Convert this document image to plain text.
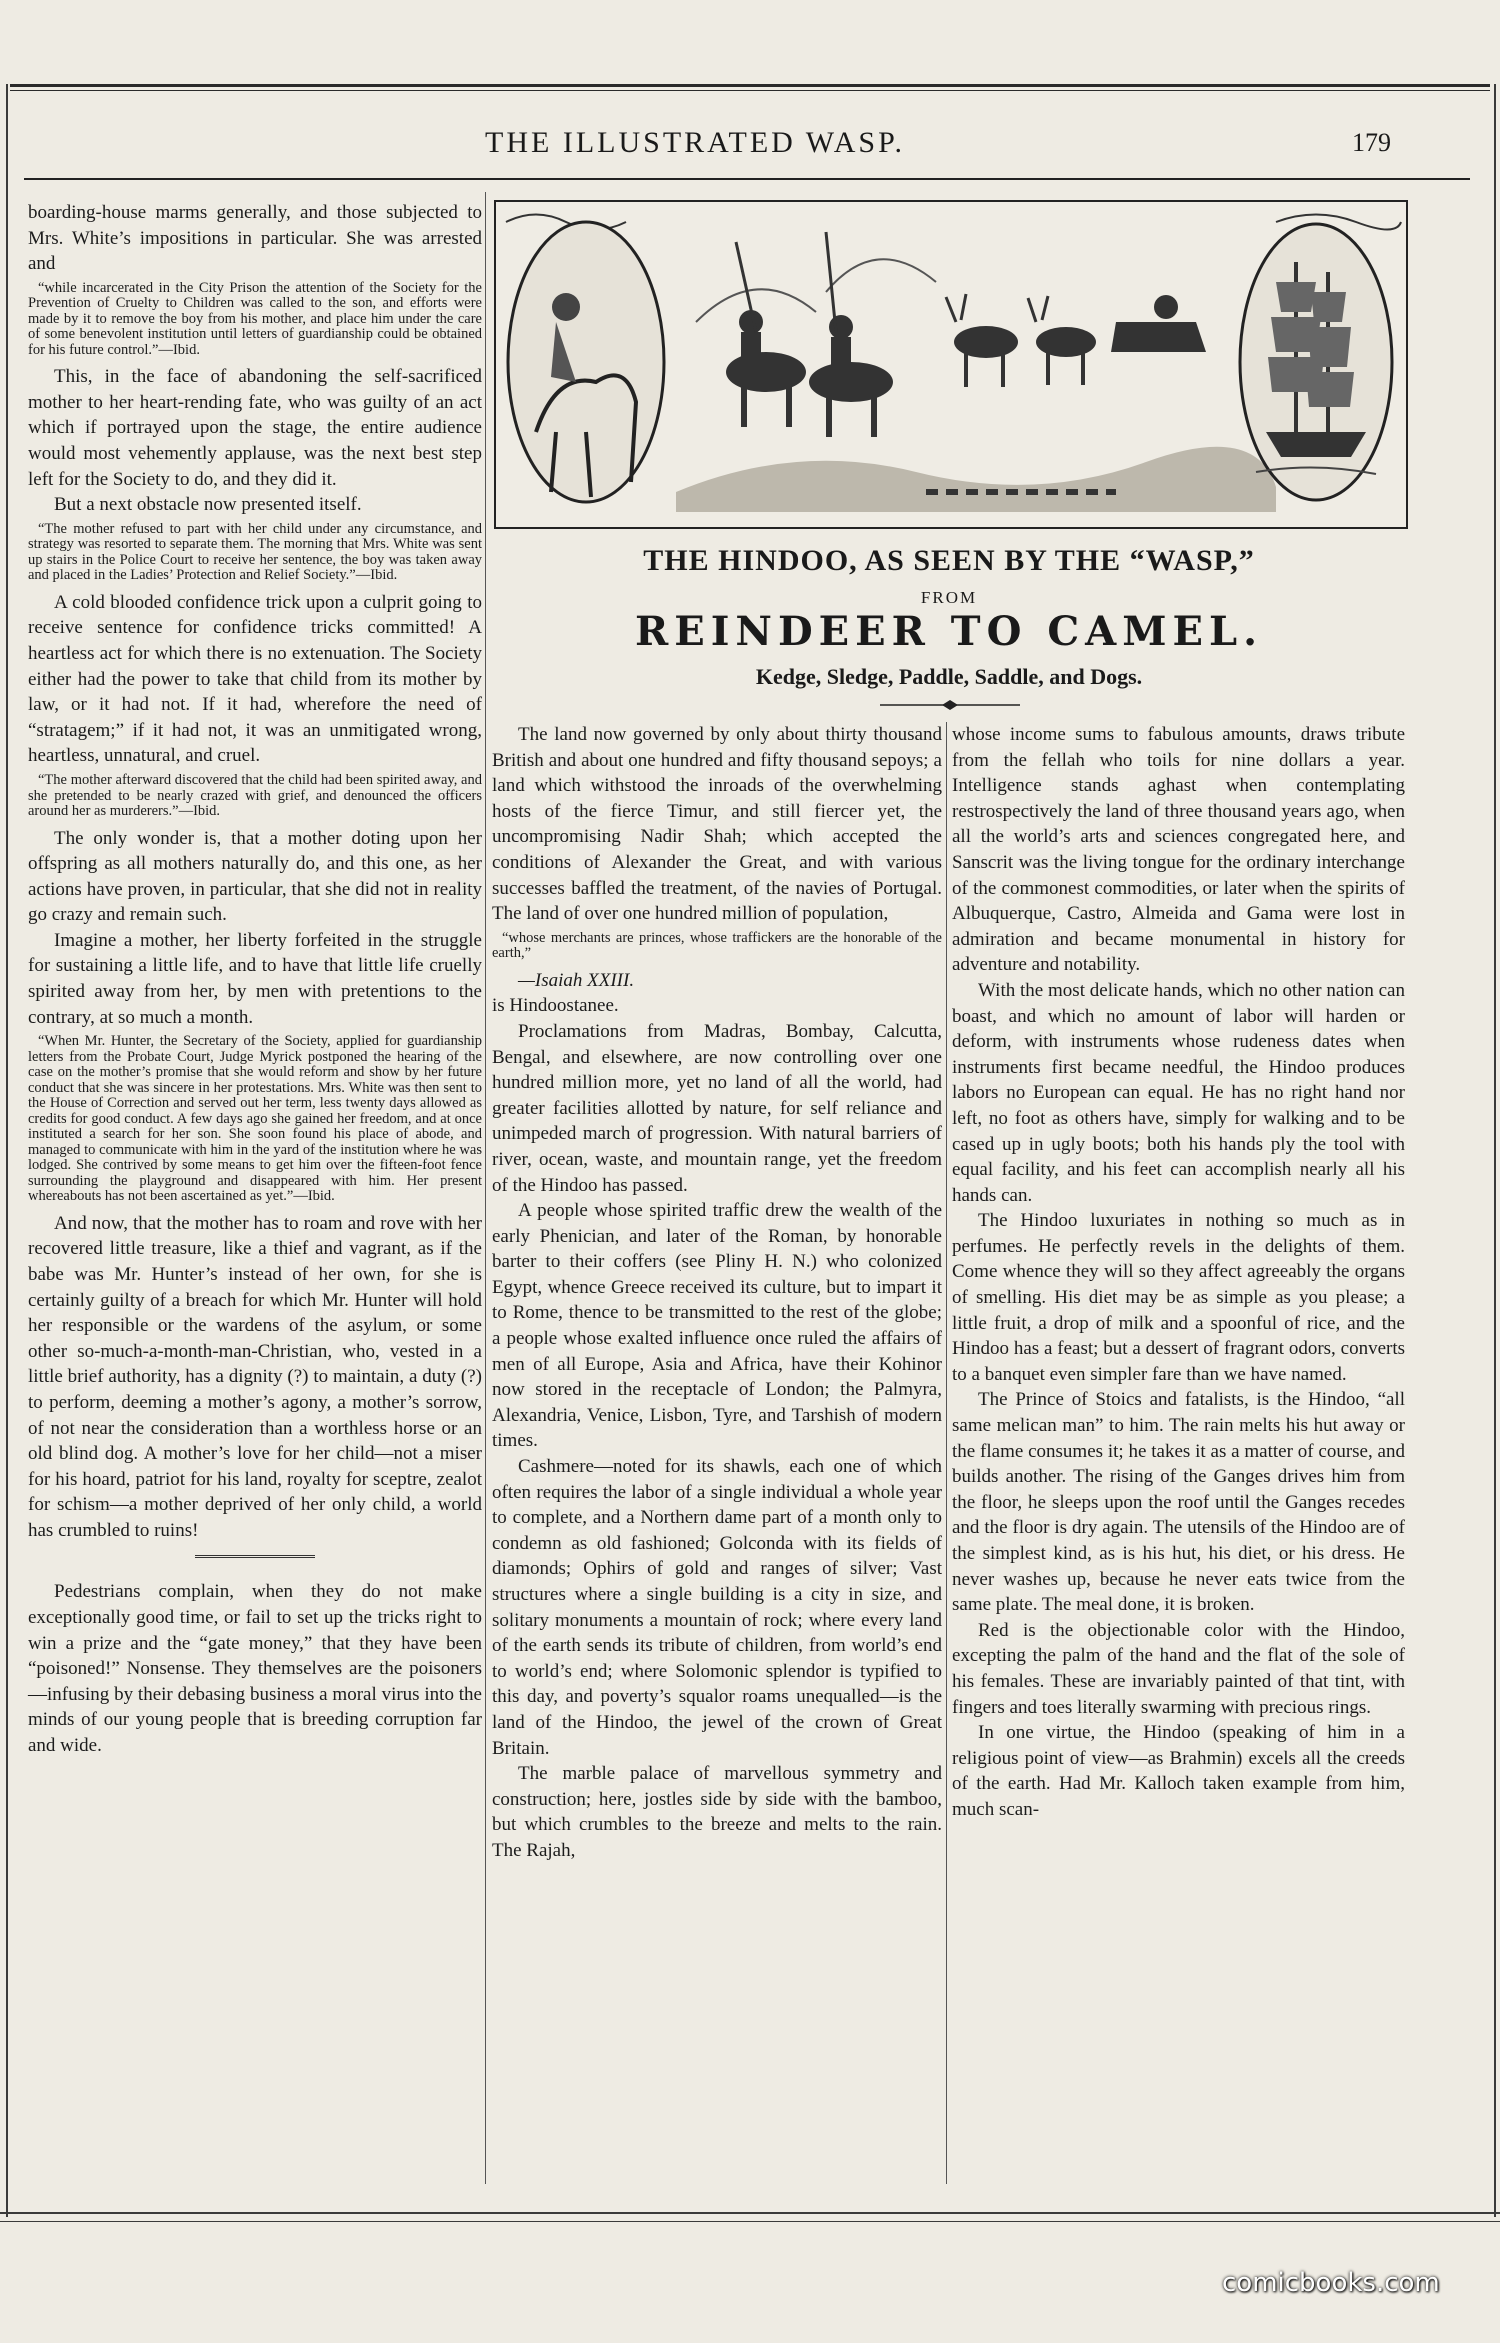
THE ILLUSTRATED WASP.	179

boarding-house marms generally, and those subjected to Mrs. White’s impositions in particular. She was arrested and

“while incarcerated in the City Prison the attention of the Society for the Prevention of Cruelty to Children was called to the son, and efforts were made by it to remove the boy from his mother, and place him under the care of some benevolent institution until letters of guardianship could be obtained for his future control.”—Ibid.

This, in the face of abandoning the self-sacrificed mother to her heart-rending fate, who was guilty of an act which if portrayed upon the stage, the entire audience would most vehemently applause, was the next best step left for the Society to do, and they did it.

But a next obstacle now presented itself.

“The mother refused to part with her child under any circumstance, and strategy was resorted to separate them. The morning that Mrs. White was sent up stairs in the Police Court to receive her sentence, the boy was taken away and placed in the Ladies’ Protection and Relief Society.”—Ibid.

A cold blooded confidence trick upon a culprit going to receive sentence for confidence tricks committed! A heartless act for which there is no extenuation. The Society either had the power to take that child from its mother by law, or it had not. If it had, wherefore the need of “stratagem;” if it had not, it was an unmitigated wrong, heartless, unnatural, and cruel.

“The mother afterward discovered that the child had been spirited away, and she pretended to be nearly crazed with grief, and denounced the officers around her as murderers.”—Ibid.

The only wonder is, that a mother doting upon her offspring as all mothers naturally do, and this one, as her actions have proven, in particular, that she did not in reality go crazy and remain such.

Imagine a mother, her liberty forfeited in the struggle for sustaining a little life, and to have that little life cruelly spirited away from her, by men with pretentions to the contrary, at so much a month.

“When Mr. Hunter, the Secretary of the Society, applied for guardianship letters from the Probate Court, Judge Myrick postponed the hearing of the case on the mother’s promise that she would reform and show by her future conduct that she was sincere in her protestations. Mrs. White was then sent to the House of Correction and served out her term, less twenty days allowed as credits for good conduct. A few days ago she gained her freedom, and at once instituted a search for her son. She soon found his place of abode, and managed to communicate with him in the yard of the institution where he was lodged. She contrived by some means to get him over the fifteen-foot fence surrounding the playground and disappeared with him. Her present whereabouts has not been ascertained as yet.”—Ibid.

And now, that the mother has to roam and rove with her recovered little treasure, like a thief and vagrant, as if the babe was Mr. Hunter’s instead of her own, for she is certainly guilty of a breach for which Mr. Hunter will hold her responsible or the wardens of the asylum, or some other so-much-a-month-man-Christian, who, vested in a little brief authority, has a dignity (?) to maintain, a duty (?) to perform, deeming a mother’s agony, a mother’s sorrow, of not near the consideration than a worthless horse or an old blind dog. A mother’s love for her child—not a miser for his hoard, patriot for his land, royalty for sceptre, zealot for schism—a mother deprived of her only child, a world has crumbled to ruins!

Pedestrians complain, when they do not make exceptionally good time, or fail to set up the tricks right to win a prize and the “gate money,” that they have been “poisoned!” Nonsense. They themselves are the poisoners—infusing by their debasing business a moral virus into the minds of our young people that is breeding corruption far and wide.

THE HINDOO, AS SEEN BY THE “WASP,”
FROM
REINDEER TO CAMEL.
Kedge, Sledge, Paddle, Saddle, and Dogs.

The land now governed by only about thirty thousand British and about one hundred and fifty thousand sepoys; a land which withstood the inroads of the overwhelming hosts of the fierce Timur, and still fiercer yet, the uncompromising Nadir Shah; which accepted the conditions of Alexander the Great, and with various successes baffled the treatment, of the navies of Portugal. The land of over one hundred million of population,

“whose merchants are princes, whose traffickers are the honorable of the earth,”

—Isaiah XXIII.

is Hindoostanee.

Proclamations from Madras, Bombay, Calcutta, Bengal, and elsewhere, are now controlling over one hundred million more, yet no land of all the world, had greater facilities allotted by nature, for self reliance and unimpeded march of progression. With natural barriers of river, ocean, waste, and mountain range, yet the freedom of the Hindoo has passed.

A people whose spirited traffic drew the wealth of the early Phenician, and later of the Roman, by honorable barter to their coffers (see Pliny H. N.) who colonized Egypt, whence Greece received its culture, but to impart it to Rome, thence to be transmitted to the rest of the globe; a people whose exalted influence once ruled the affairs of men of all Europe, Asia and Africa, have their Kohinor now stored in the receptacle of London; the Palmyra, Alexandria, Venice, Lisbon, Tyre, and Tarshish of modern times.

Cashmere—noted for its shawls, each one of which often requires the labor of a single individual a whole year to complete, and a Northern dame part of a month only to condemn as old fashioned; Golconda with its fields of diamonds; Ophirs of gold and ranges of silver; Vast structures where a single building is a city in size, and solitary monuments a mountain of rock; where every land of the earth sends its tribute of children, from world’s end to world’s end; where Solomonic splendor is typified to this day, and poverty’s squalor roams unequalled—is the land of the Hindoo, the jewel of the crown of Great Britain.

The marble palace of marvellous symmetry and construction; here, jostles side by side with the bamboo, but which crumbles to the breeze and melts to the rain. The Rajah,

whose income sums to fabulous amounts, draws tribute from the fellah who toils for nine dollars a year. Intelligence stands aghast when contemplating restrospectively the land of three thousand years ago, when all the world’s arts and sciences congregated here, and Sanscrit was the living tongue for the ordinary interchange of the commonest commodities, or later when the spirits of Albuquerque, Castro, Almeida and Gama were lost in admiration and became monumental in history for adventure and notability.

With the most delicate hands, which no other nation can boast, and which no amount of labor will harden or deform, with instruments whose rudeness dates when instruments first became needful, the Hindoo produces labors no European can equal. He has no right hand nor left, no foot as others have, simply for walking and to be cased up in ugly boots; both his hands ply the tool with equal facility, and his feet can accomplish nearly all his hands can.

The Hindoo luxuriates in nothing so much as in perfumes. He perfectly revels in the delights of them. Come whence they will so they affect agreeably the organs of smelling. His diet may be as simple as you please; a little fruit, a drop of milk and a spoonful of rice, and the Hindoo has a feast; but a dessert of fragrant odors, converts to a banquet even simpler fare than we have named.

The Prince of Stoics and fatalists, is the Hindoo, “all same melican man” to him. The rain melts his hut away or the flame consumes it; he takes it as a matter of course, and builds another. The rising of the Ganges drives him from the floor, he sleeps upon the roof until the Ganges recedes and the floor is dry again. The utensils of the Hindoo are of the simplest kind, as is his hut, his diet, or his dress. He never washes up, because he never eats twice from the same plate. The meal done, it is broken.

Red is the objectionable color with the Hindoo, excepting the palm of the hand and the flat of the sole of his females. These are invariably painted of that tint, with fingers and toes literally swarming with precious rings.

In one virtue, the Hindoo (speaking of him in a religious point of view—as Brahmin) excels all the creeds of the earth. Had Mr. Kalloch taken example from him, much scan-

comicbooks.com
